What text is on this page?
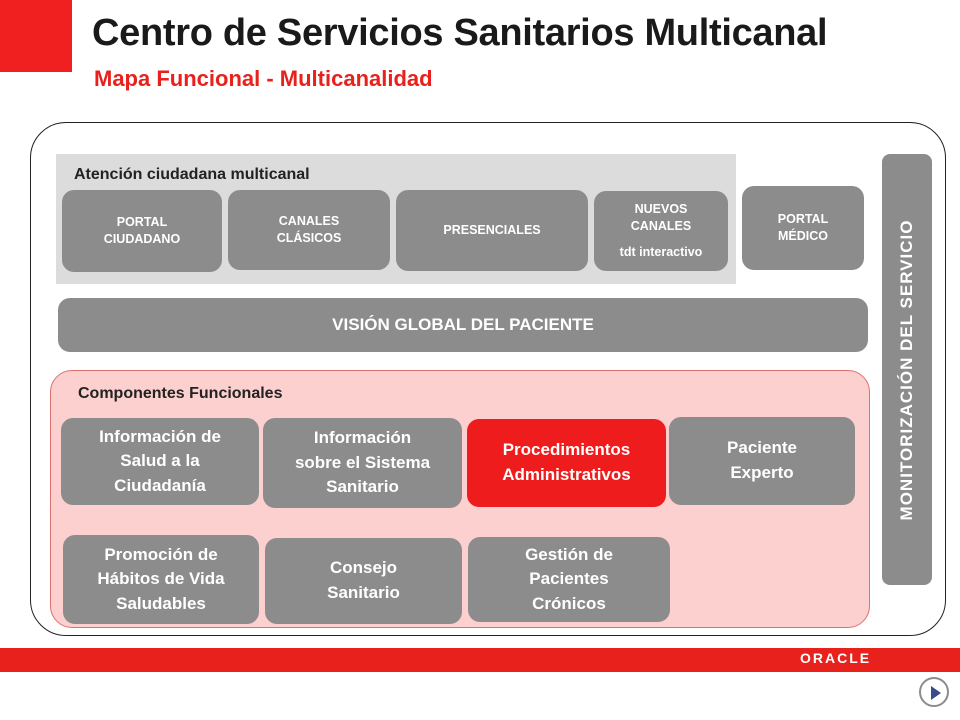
Centro de Servicios Sanitarios Multicanal
Mapa Funcional - Multicanalidad
Atención ciudadana multicanal
PORTAL
CIUDADANO
CANALES
CLÁSICOS
PRESENCIALES
NUEVOS
CANALES
tdt interactivo
PORTAL
MÉDICO
VISIÓN GLOBAL DEL PACIENTE
Componentes Funcionales
Información de
Salud a la
Ciudadanía
Información
sobre el Sistema
Sanitario
Procedimientos
Administrativos
Paciente
Experto
Promoción de
Hábitos de Vida
Saludables
Consejo
Sanitario
Gestión de
Pacientes
Crónicos
MONITORIZACIÓN DEL SERVICIO
ORACLE
